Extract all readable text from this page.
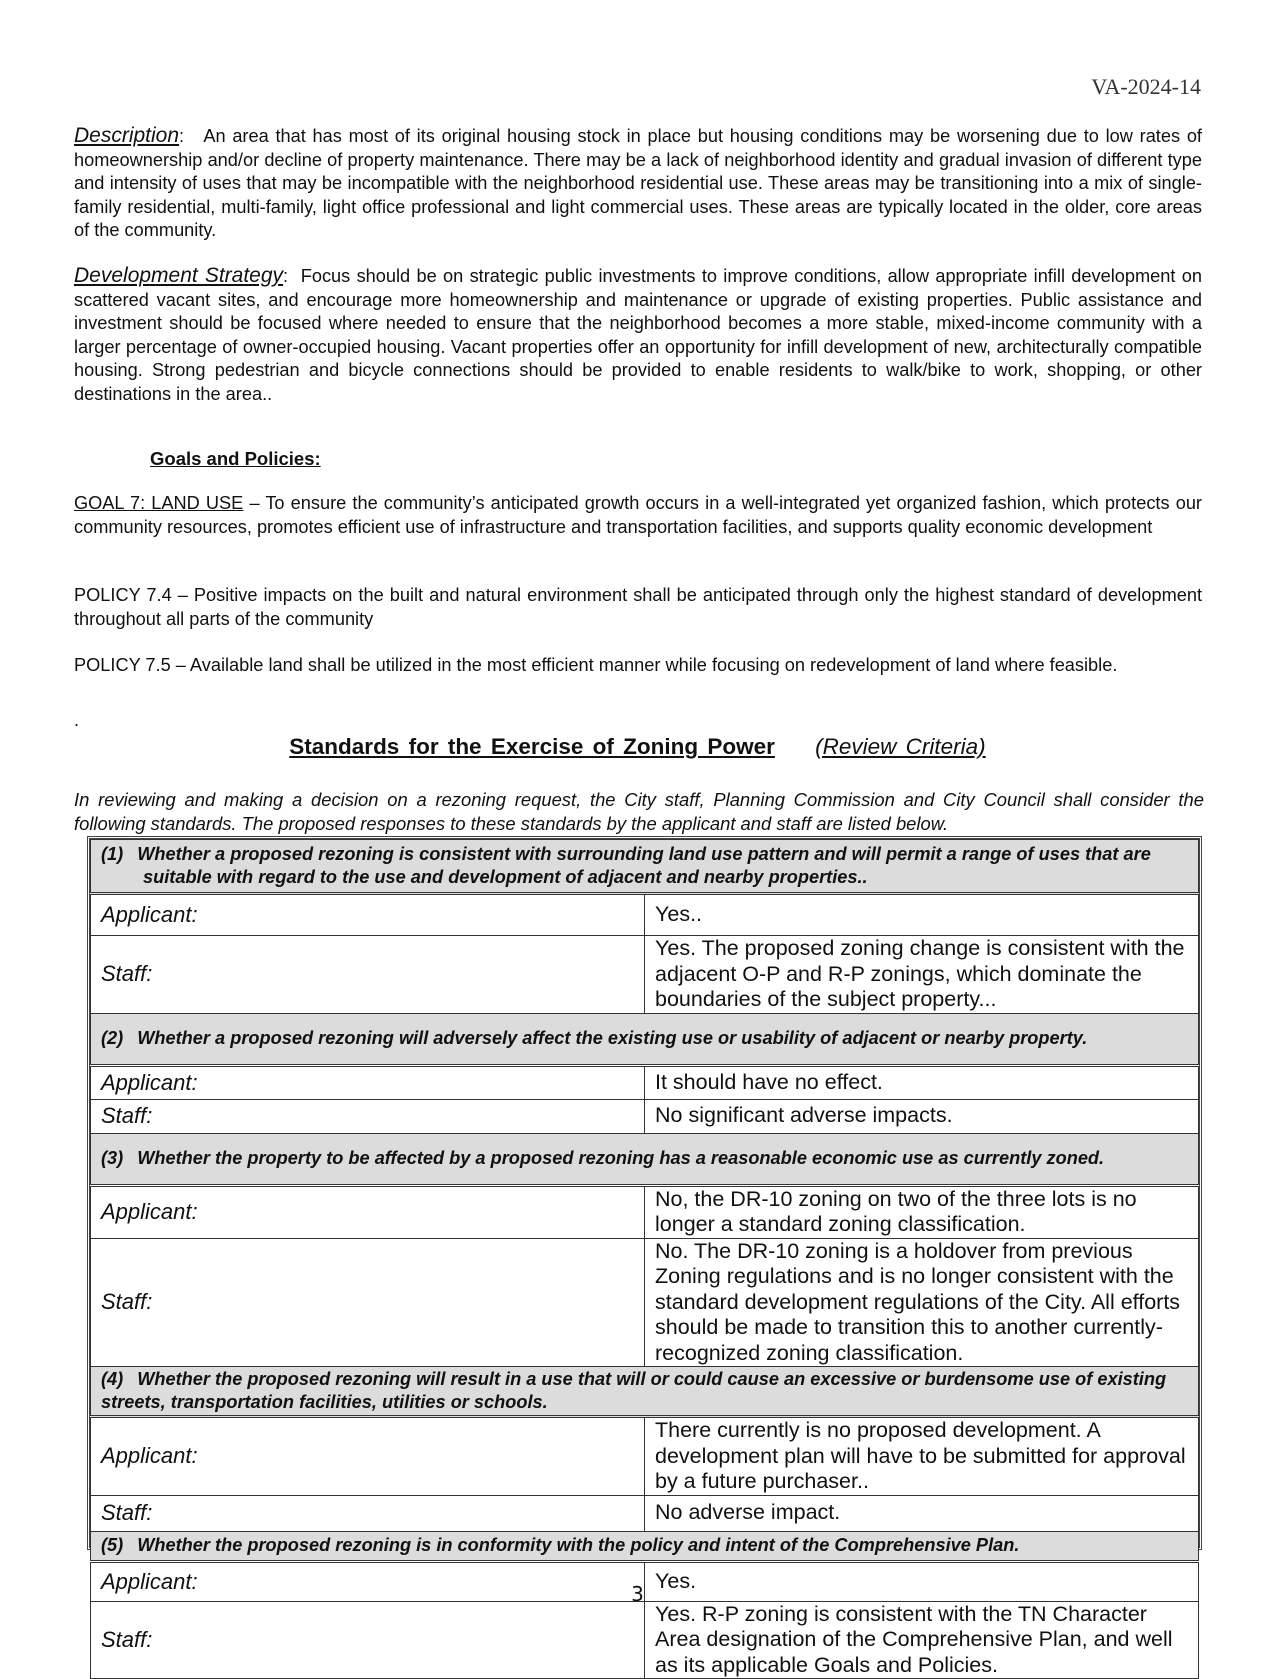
VA-2024-14
Description:   An area that has most of its original housing stock in place but housing conditions may be worsening due to low rates of homeownership and/or decline of property maintenance. There may be a lack of neighborhood identity and gradual invasion of different type and intensity of uses that may be incompatible with the neighborhood residential use. These areas may be transitioning into a mix of single-family residential, multi-family, light office professional and light commercial uses. These areas are typically located in the older, core areas of the community.
Development Strategy:  Focus should be on strategic public investments to improve conditions, allow appropriate infill development on scattered vacant sites, and encourage more homeownership and maintenance or upgrade of existing properties. Public assistance and investment should be focused where needed to ensure that the neighborhood becomes a more stable, mixed-income community with a larger percentage of owner-occupied housing. Vacant properties offer an opportunity for infill development of new, architecturally compatible housing. Strong pedestrian and bicycle connections should be provided to enable residents to walk/bike to work, shopping, or other destinations in the area..
Goals and Policies:
GOAL 7: LAND USE – To ensure the community’s anticipated growth occurs in a well-integrated yet organized fashion, which protects our community resources, promotes efficient use of infrastructure and transportation facilities, and supports quality economic development
POLICY 7.4 – Positive impacts on the built and natural environment shall be anticipated through only the highest standard of development throughout all parts of the community
POLICY 7.5 – Available land shall be utilized in the most efficient manner while focusing on redevelopment of land where feasible.
.
Standards for the Exercise of Zoning Power (Review Criteria)
In reviewing and making a decision on a rezoning request, the City staff, Planning Commission and City Council shall consider the following standards. The proposed responses to these standards by the applicant and staff are listed below.
(1) Whether a proposed rezoning is consistent with surrounding land use pattern and will permit a range of uses that are suitable with regard to the use and development of adjacent and nearby properties..	
Applicant:	Yes..
Staff:	Yes. The proposed zoning change is consistent with the adjacent O-P and R-P zonings, which dominate the boundaries of the subject property...
(2) Whether a proposed rezoning will adversely affect the existing use or usability of adjacent or nearby property.	
Applicant:	It should have no effect.
Staff:	No significant adverse impacts.
(3) Whether the property to be affected by a proposed rezoning has a reasonable economic use as currently zoned.	
Applicant:	No, the DR-10 zoning on two of the three lots is no longer a standard zoning classification.
Staff:	No. The DR-10 zoning is a holdover from previous Zoning regulations and is no longer consistent with the standard development regulations of the City. All efforts should be made to transition this to another currently-recognized zoning classification.
(4) Whether the proposed rezoning will result in a use that will or could cause an excessive or burdensome use of existing streets, transportation facilities, utilities or schools.	
Applicant:	There currently is no proposed development. A development plan will have to be submitted for approval by a future purchaser..
Staff:	No adverse impact.
(5) Whether the proposed rezoning is in conformity with the policy and intent of the Comprehensive Plan.	
Applicant:	Yes.
Staff:	Yes. R-P zoning is consistent with the TN Character Area designation of the Comprehensive Plan, and well as its applicable Goals and Policies.
3
